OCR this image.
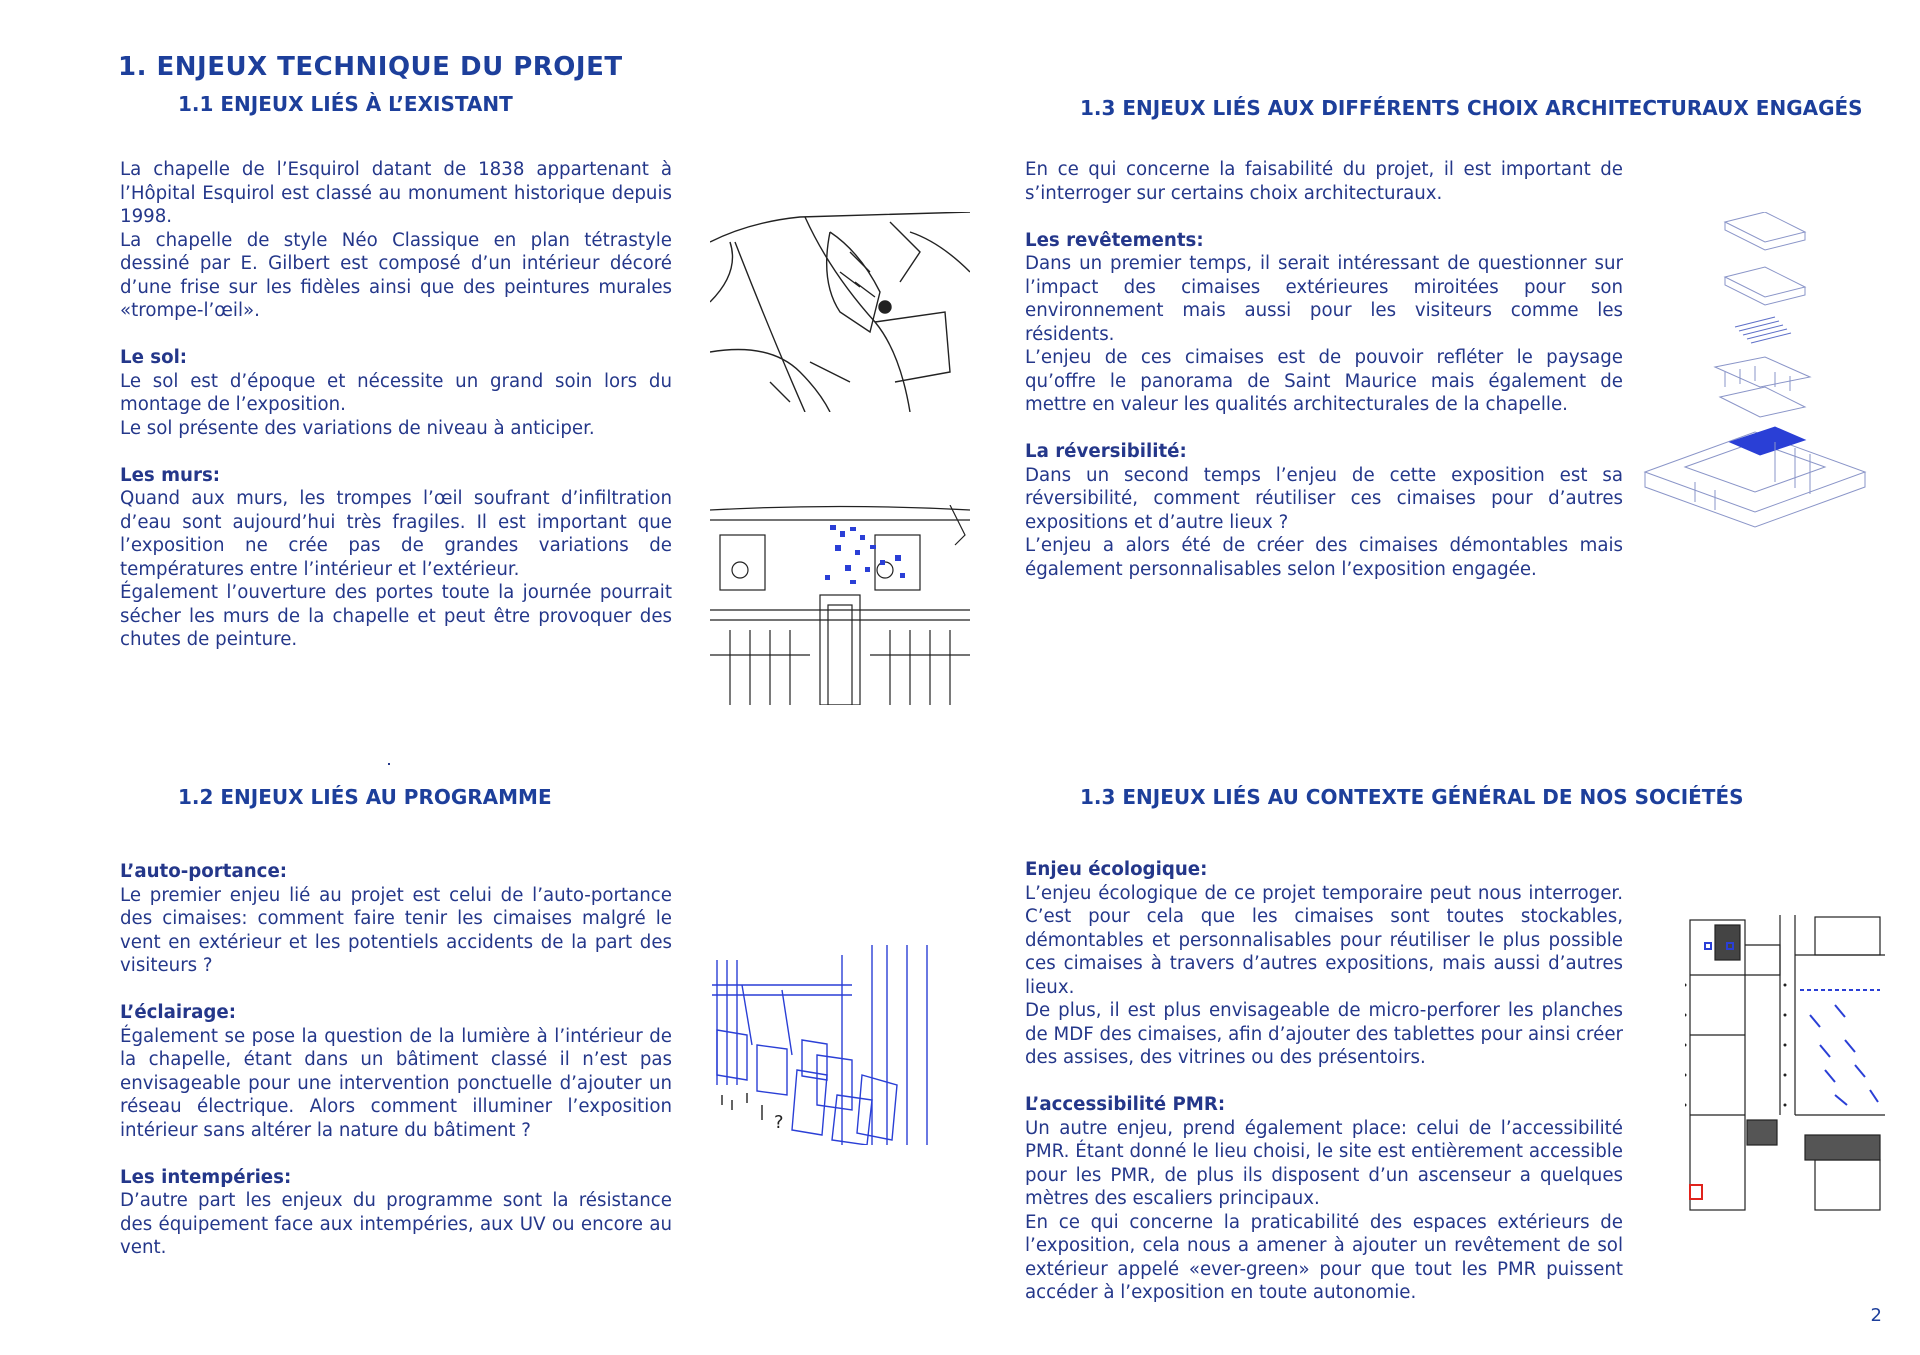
1. ENJEUX TECHNIQUE DU PROJET
1.1 ENJEUX LIÉS À L’EXISTANT

La chapelle de l’Esquirol datant de 1838 appartenant à l’Hôpital Esquirol est classé au monument historique depuis 1998.

La chapelle de style Néo Classique en plan tétrastyle dessiné par E. Gilbert est composé d’un intérieur décoré d’une frise sur les fidèles ainsi que des peintures murales «trompe-l’œil».

Le sol:

Le sol est d’époque et nécessite un grand soin lors du montage de l’exposition.

Le sol présente des variations de niveau à anticiper.

Les murs:

Quand aux murs, les trompes l’œil soufrant d’infiltration d’eau sont aujourd’hui très fragiles. Il est important que l’exposition ne crée pas de grandes variations de températures entre l’intérieur et l’extérieur.

Également l’ouverture des portes toute la journée pourrait sécher les murs de la chapelle et peut être provoquer des chutes de peinture.

1.3 ENJEUX LIÉS AUX DIFFÉRENTS CHOIX ARCHITECTURAUX ENGAGÉS

En ce qui concerne la faisabilité du projet, il est important de s’interroger sur certains choix architecturaux.

Les revêtements:

Dans un premier temps, il serait intéressant de questionner sur l’impact des cimaises extérieures miroitées pour son environnement mais aussi pour les visiteurs comme les résidents.

L’enjeu de ces cimaises est de pouvoir refléter le paysage qu’offre le panorama de Saint Maurice mais également de mettre en valeur les qualités architecturales de la chapelle.

La réversibilité:

Dans un second temps l’enjeu de cette exposition est sa réversibilité, comment réutiliser ces cimaises pour d’autres expositions et d’autre lieux ?

L’enjeu a alors été de créer des cimaises démontables mais également personnalisables selon l’exposition engagée.

1.2 ENJEUX LIÉS AU PROGRAMME

L’auto-portance:

Le premier enjeu lié au projet est celui de l’auto-portance des cimaises: comment faire tenir les cimaises malgré le vent en extérieur et les potentiels accidents de la part des visiteurs ?

L’éclairage:

Également se pose la question de la lumière à l’intérieur de la chapelle, étant dans un bâtiment classé il n’est pas envisageable pour une intervention ponctuelle d’ajouter un réseau électrique. Alors comment illuminer l’exposition intérieur sans altérer la nature du bâtiment ?

Les intempéries:

D’autre part les enjeux du programme sont la résistance des équipement face aux intempéries, aux UV ou encore au vent.

?
1.3 ENJEUX LIÉS AU CONTEXTE GÉNÉRAL DE NOS SOCIÉTÉS

Enjeu écologique:

L’enjeu écologique de ce projet temporaire peut nous interroger. C’est pour cela que les cimaises sont toutes stockables, démontables et personnalisables pour réutiliser le plus possible ces cimaises à travers d’autres expositions, mais aussi d’autres lieux.

De plus, il est plus envisageable de micro-perforer les planches de MDF des cimaises, afin d’ajouter des tablettes pour ainsi créer des assises, des vitrines ou des présentoirs.

L’accessibilité PMR:

Un autre enjeu, prend également place: celui de l’accessibilité PMR. Étant donné le lieu choisi, le site est entièrement accessible pour les PMR, de plus ils disposent d’un ascenseur a quelques mètres des escaliers principaux.

En ce qui concerne la praticabilité des espaces extérieurs de l’exposition, cela nous a amener à ajouter un revêtement de sol extérieur appelé «ever-green» pour que tout les PMR puissent accéder à l’exposition en toute autonomie.

2
